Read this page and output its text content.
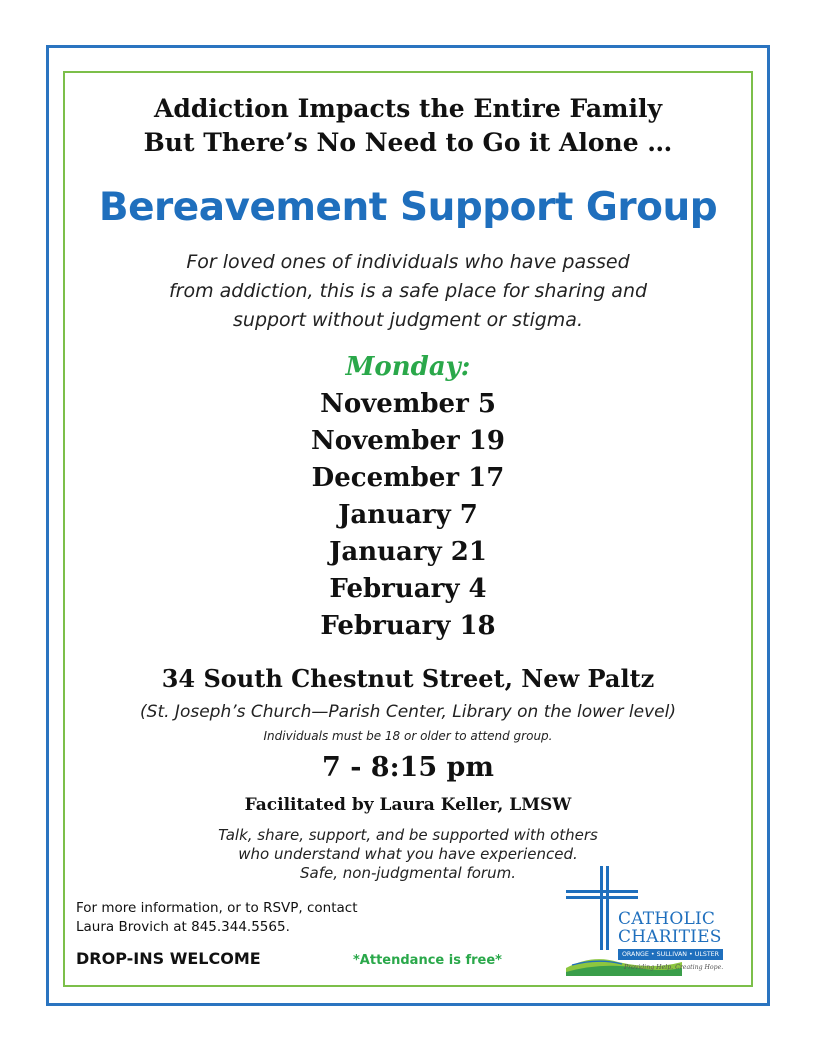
Addiction Impacts the Entire Family
But There’s No Need to Go it Alone …
Bereavement Support Group
For loved ones of individuals who have passed
from addiction, this is a safe place for sharing and
support without judgment or stigma.
Monday:
November 5
November 19
December 17
January 7
January 21
February 4
February 18
34 South Chestnut Street, New Paltz
(St. Joseph’s Church—Parish Center, Library on the lower level)
Individuals must be 18 or older to attend group.
7 - 8:15 pm
Facilitated by Laura Keller, LMSW
Talk, share, support, and be supported with others
who understand what you have experienced.
Safe, non-judgmental forum.
For more information, or to RSVP, contact
Laura Brovich at 845.344.5565.
DROP-INS WELCOME	*Attendance is free*
CATHOLIC
CHARITIES
ORANGE • SULLIVAN • ULSTER
Providing Help. Creating Hope.
